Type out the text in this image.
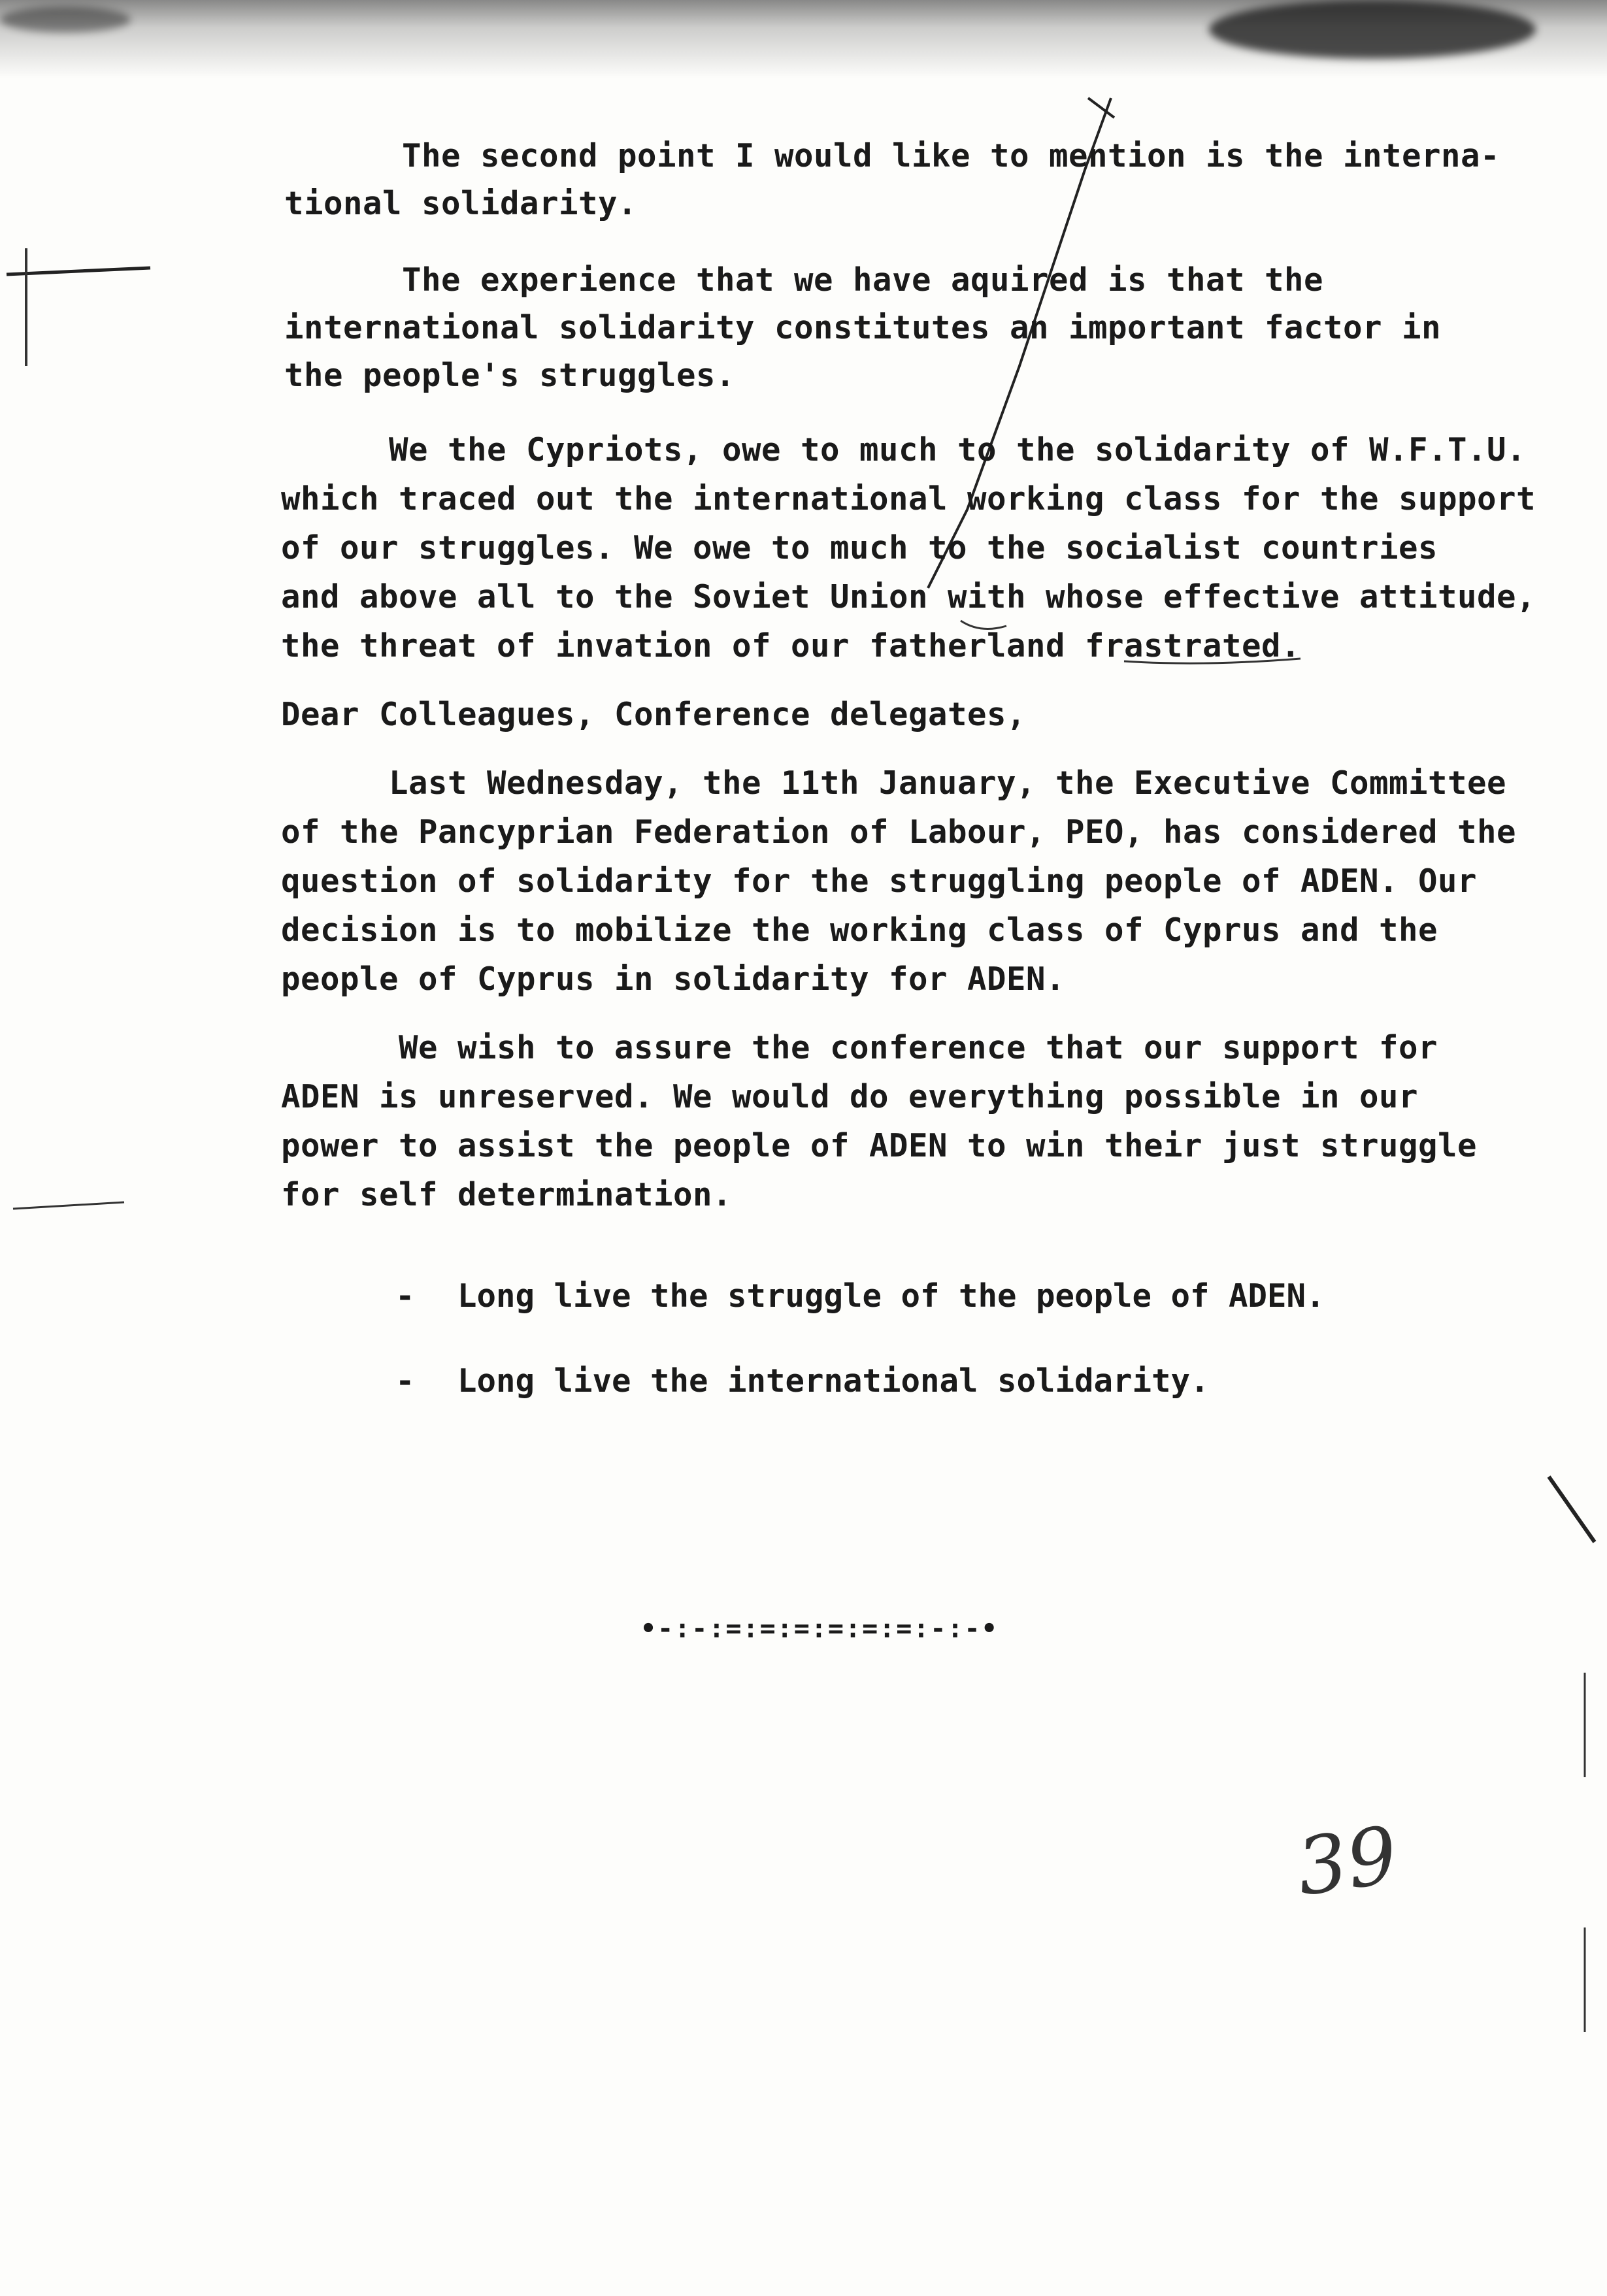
The second point I would like to mention is the interna-
tional solidarity.
The experience that we have aquired is that the
international solidarity constitutes an important factor in
the people's struggles.
We the Cypriots, owe to much to the solidarity of W.F.T.U.
which traced out the international working class for the support
of our struggles. We owe to much to the socialist countries
and above all to the Soviet Union with whose effective attitude,
the threat of invation of our fatherland frastrated.
Dear Colleagues, Conference delegates,
Last Wednesday, the 11th January, the Executive Committee
of the Pancyprian Federation of Labour, PEO, has considered the
question of solidarity for the struggling people of ADEN. Our
decision is to mobilize the working class of Cyprus and the
people of Cyprus in solidarity for ADEN.
We wish to assure the conference that our support for
ADEN is unreserved. We would do everything possible in our
power to assist the people of ADEN to win their just struggle
for self determination.
- Long live the struggle of the people of ADEN.
- Long live the international solidarity.
•-:-:=:=:=:=:=:=:-:-•
39
